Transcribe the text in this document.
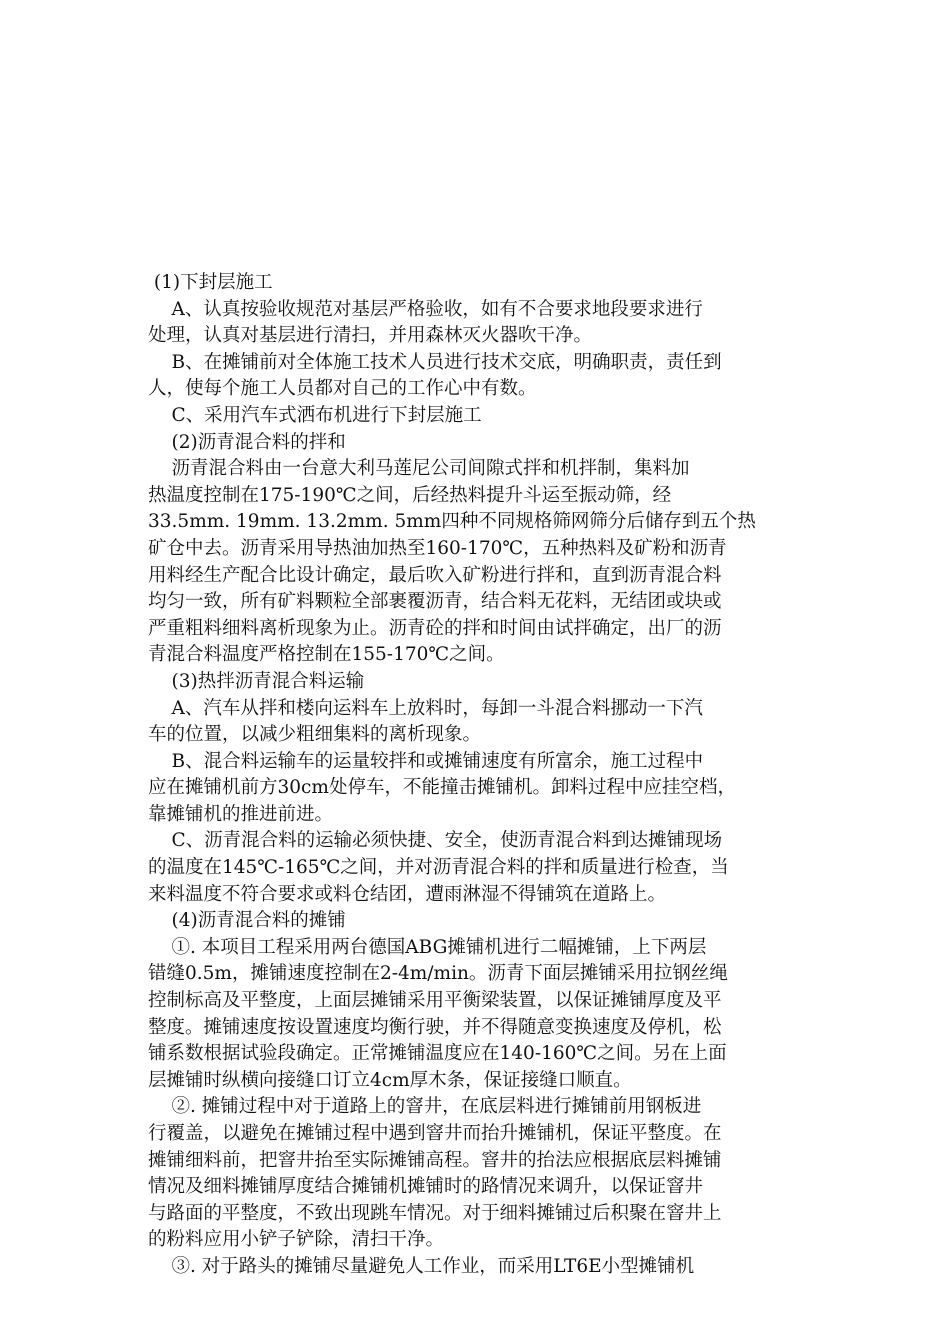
(1)下封层施工
A、认真按验收规范对基层严格验收，如有不合要求地段要求进行
处理，认真对基层进行清扫，并用森林灭火器吹干净。
B、在摊铺前对全体施工技术人员进行技术交底，明确职责，责任到
人，使每个施工人员都对自己的工作心中有数。
C、采用汽车式洒布机进行下封层施工
(2)沥青混合料的拌和
沥青混合料由一台意大利马莲尼公司间隙式拌和机拌制，集料加
热温度控制在175-190℃之间，后经热料提升斗运至振动筛，经
33.5mm. 19mm. 13.2mm. 5mm四种不同规格筛网筛分后储存到五个热
矿仓中去。沥青采用导热油加热至160-170℃，五种热料及矿粉和沥青
用料经生产配合比设计确定，最后吹入矿粉进行拌和，直到沥青混合料
均匀一致，所有矿料颗粒全部裹覆沥青，结合料无花料，无结团或块或
严重粗料细料离析现象为止。沥青砼的拌和时间由试拌确定，出厂的沥
青混合料温度严格控制在155-170℃之间。
(3)热拌沥青混合料运输
A、汽车从拌和楼向运料车上放料时，每卸一斗混合料挪动一下汽
车的位置，以减少粗细集料的离析现象。
B、混合料运输车的运量较拌和或摊铺速度有所富余，施工过程中
应在摊铺机前方30cm处停车，不能撞击摊铺机。卸料过程中应挂空档，
靠摊铺机的推进前进。
C、沥青混合料的运输必须快捷、安全，使沥青混合料到达摊铺现场
的温度在145℃-165℃之间，并对沥青混合料的拌和质量进行检查，当
来料温度不符合要求或料仓结团，遭雨淋湿不得铺筑在道路上。
(4)沥青混合料的摊铺
①. 本项目工程采用两台德国ABG摊铺机进行二幅摊铺，上下两层
错缝0.5m，摊铺速度控制在2-4m/min。沥青下面层摊铺采用拉钢丝绳
控制标高及平整度，上面层摊铺采用平衡梁装置，以保证摊铺厚度及平
整度。摊铺速度按设置速度均衡行驶，并不得随意变换速度及停机，松
铺系数根据试验段确定。正常摊铺温度应在140-160℃之间。另在上面
层摊铺时纵横向接缝口订立4cm厚木条，保证接缝口顺直。
②. 摊铺过程中对于道路上的窨井，在底层料进行摊铺前用钢板进
行覆盖，以避免在摊铺过程中遇到窨井而抬升摊铺机，保证平整度。在
摊铺细料前，把窨井抬至实际摊铺高程。窨井的抬法应根据底层料摊铺
情况及细料摊铺厚度结合摊铺机摊铺时的路情况来调升，以保证窨井
与路面的平整度，不致出现跳车情况。对于细料摊铺过后积聚在窨井上
的粉料应用小铲子铲除，清扫干净。
③. 对于路头的摊铺尽量避免人工作业，而采用LT6E小型摊铺机
